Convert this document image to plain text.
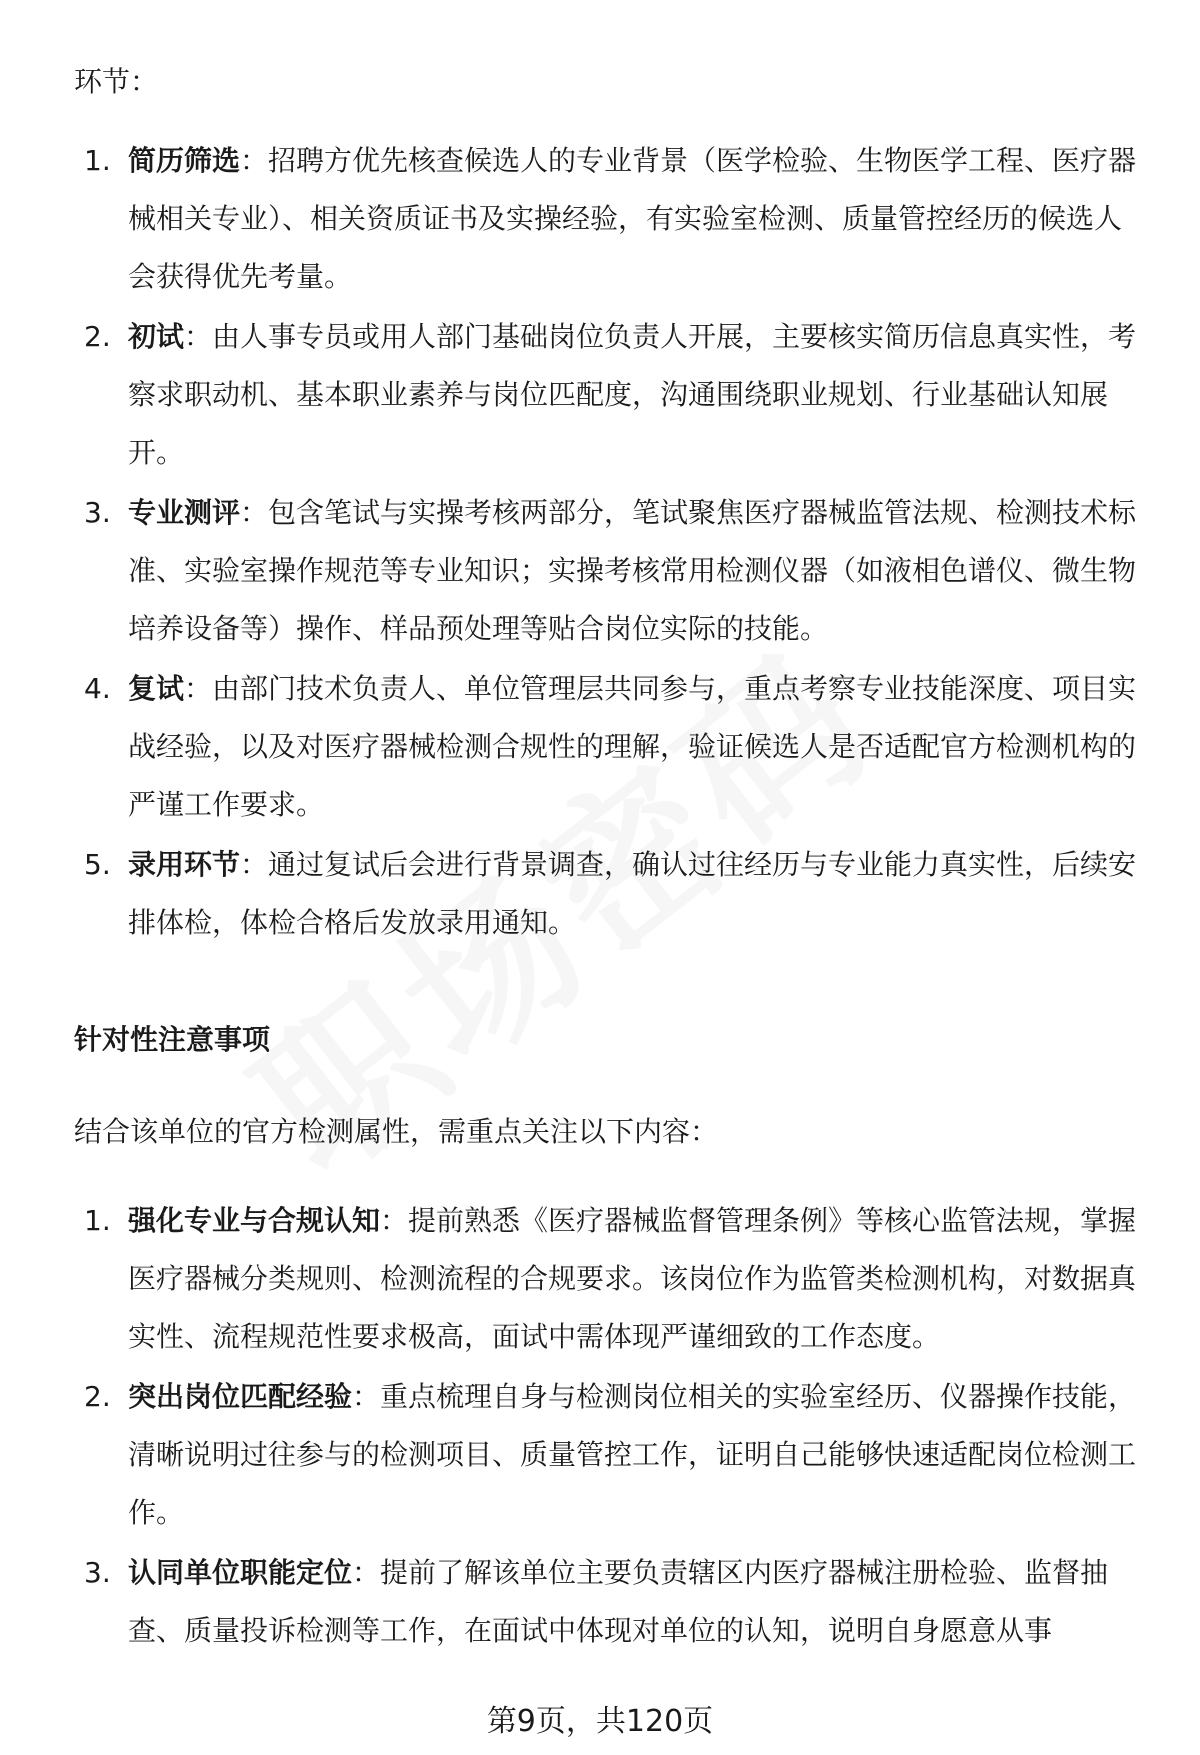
环节：

1. 简历筛选：招聘方优先核查候选人的专业背景（医学检验、生物医学工程、医疗器械相关专业）、相关资质证书及实操经验，有实验室检测、质量管控经历的候选人会获得优先考量。
2. 初试：由人事专员或用人部门基础岗位负责人开展，主要核实简历信息真实性，考察求职动机、基本职业素养与岗位匹配度，沟通围绕职业规划、行业基础认知展开。
3. 专业测评：包含笔试与实操考核两部分，笔试聚焦医疗器械监管法规、检测技术标准、实验室操作规范等专业知识；实操考核常用检测仪器（如液相色谱仪、微生物培养设备等）操作、样品预处理等贴合岗位实际的技能。
4. 复试：由部门技术负责人、单位管理层共同参与，重点考察专业技能深度、项目实战经验，以及对医疗器械检测合规性的理解，验证候选人是否适配官方检测机构的严谨工作要求。
5. 录用环节：通过复试后会进行背景调查，确认过往经历与专业能力真实性，后续安排体检，体检合格后发放录用通知。

针对性注意事项

结合该单位的官方检测属性，需重点关注以下内容：

1. 强化专业与合规认知：提前熟悉《医疗器械监督管理条例》等核心监管法规，掌握医疗器械分类规则、检测流程的合规要求。该岗位作为监管类检测机构，对数据真实性、流程规范性要求极高，面试中需体现严谨细致的工作态度。
2. 突出岗位匹配经验：重点梳理自身与检测岗位相关的实验室经历、仪器操作技能，清晰说明过往参与的检测项目、质量管控工作，证明自己能够快速适配岗位检测工作。
3. 认同单位职能定位：提前了解该单位主要负责辖区内医疗器械注册检验、监督抽查、质量投诉检测等工作，在面试中体现对单位的认知，说明自身愿意从事
第9页，共120页
